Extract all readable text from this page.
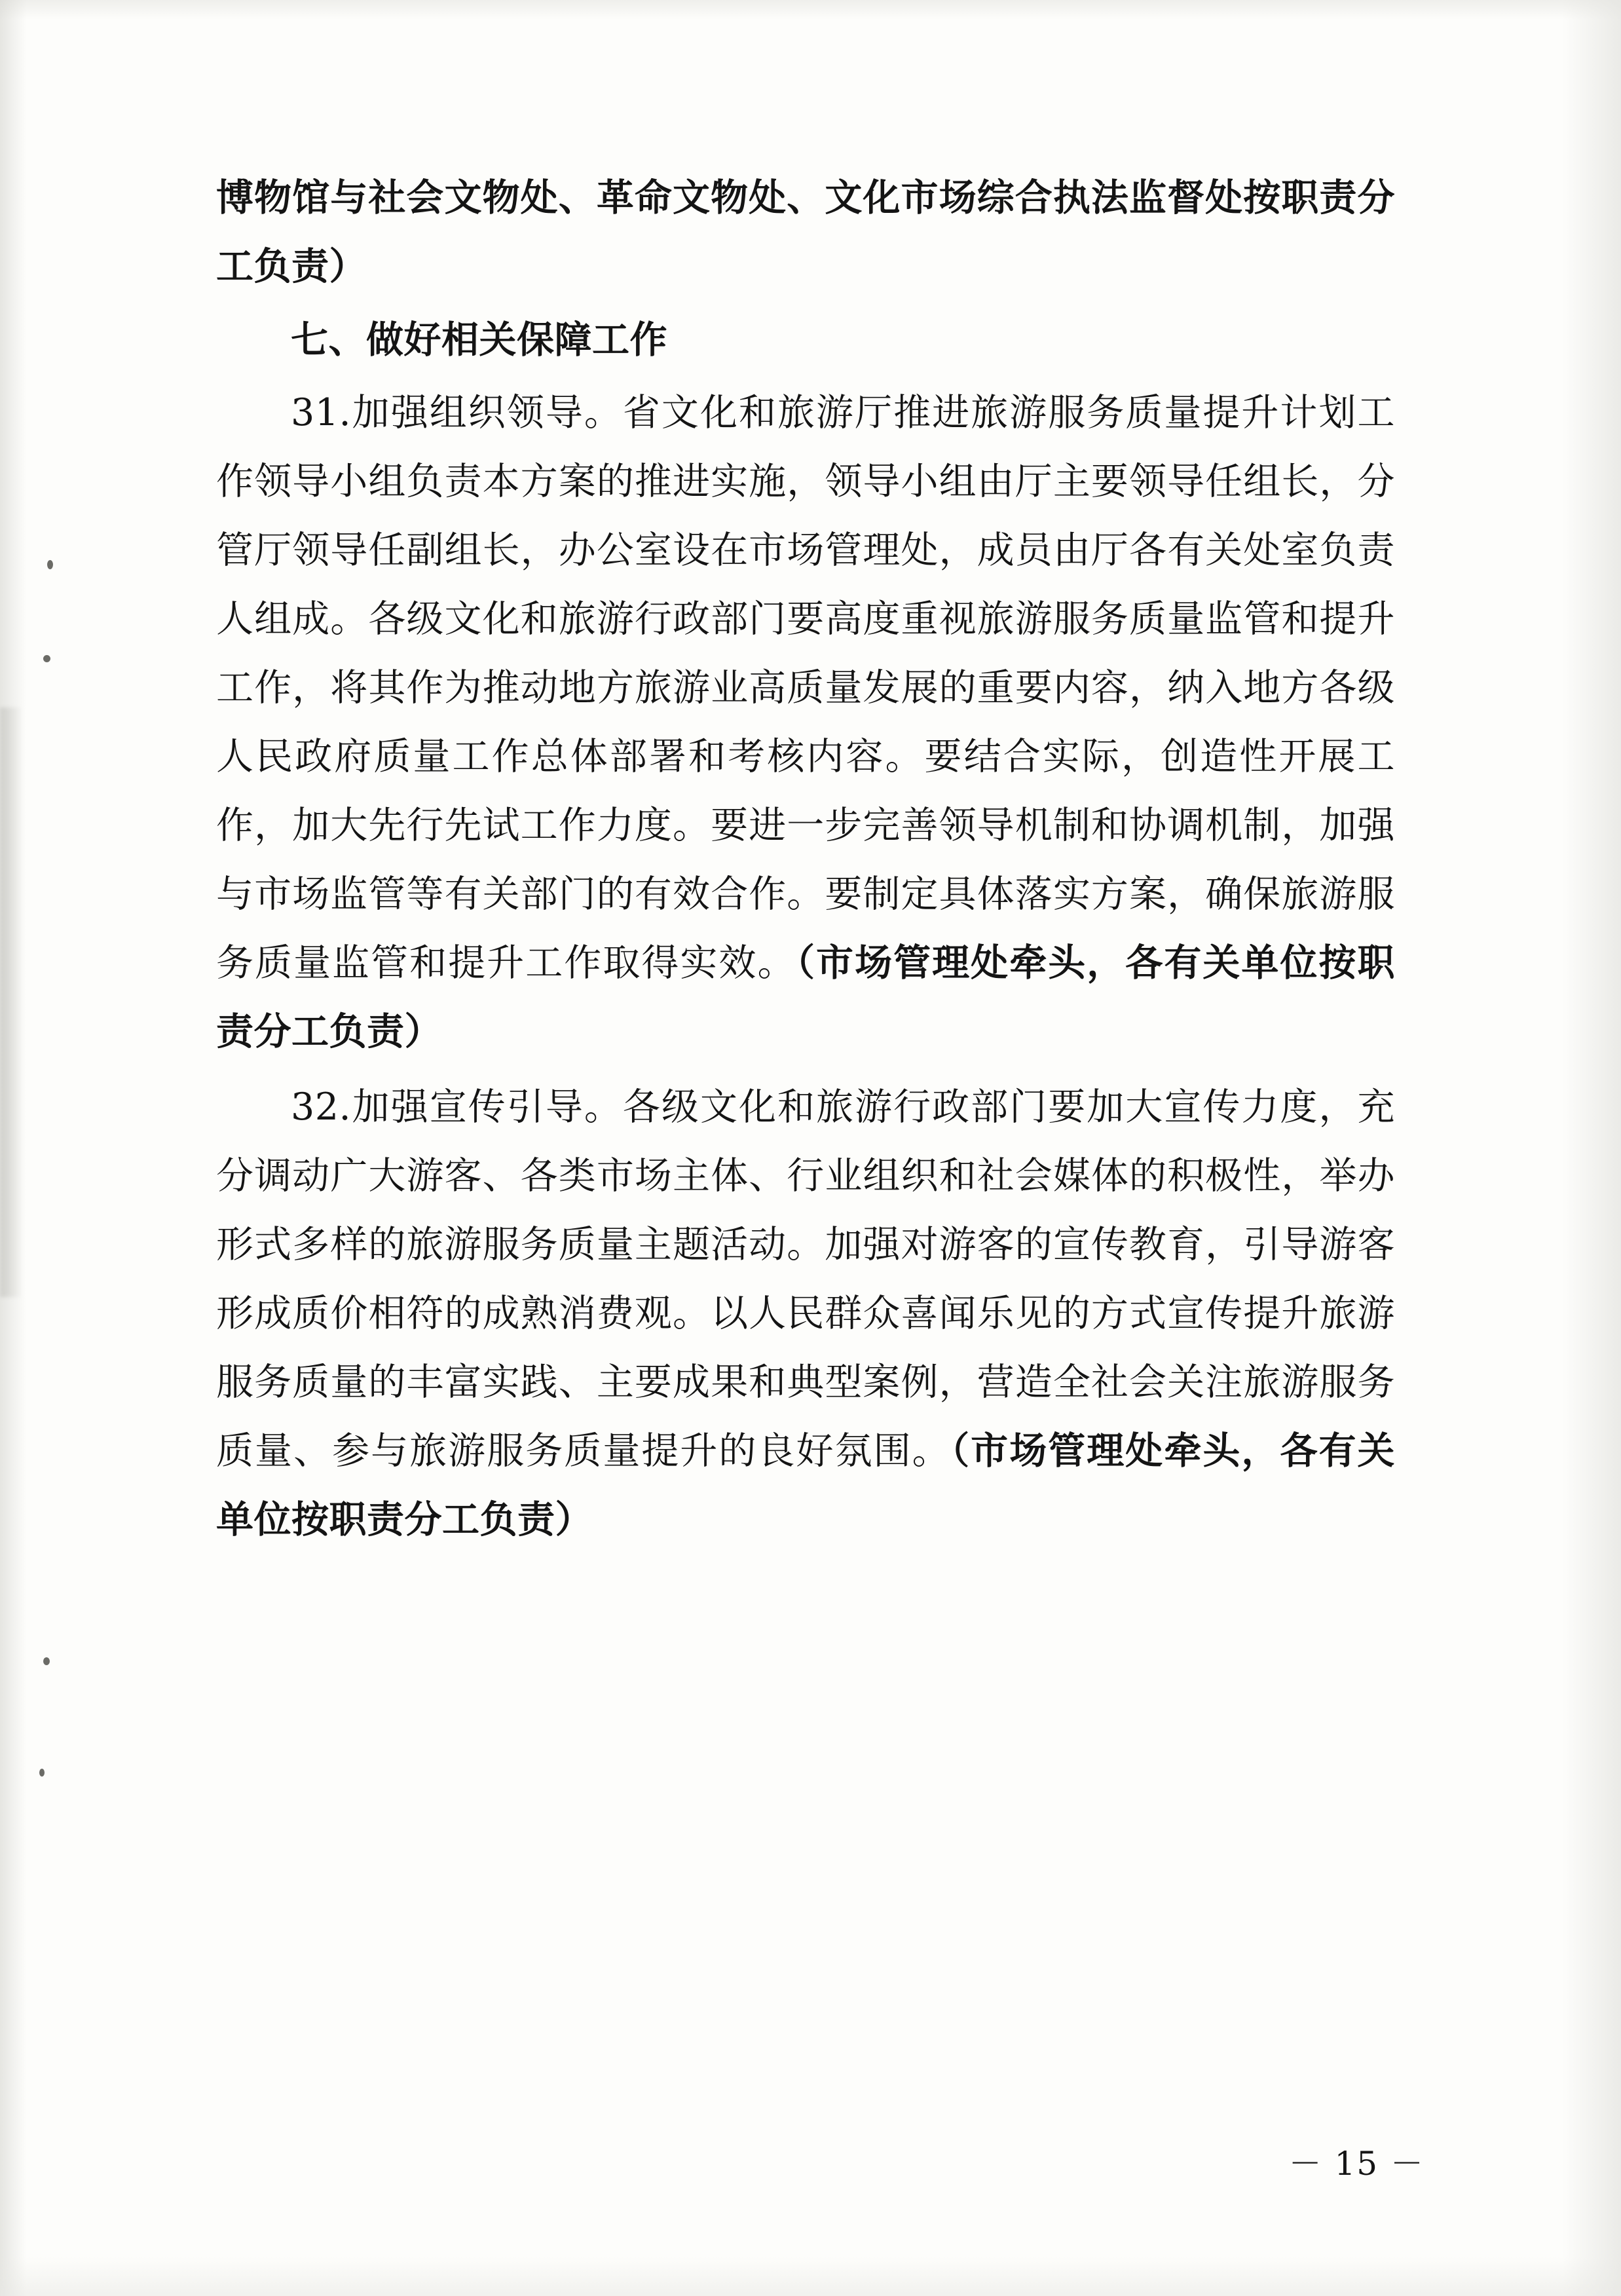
博物馆与社会文物处、革命文物处、文化市场综合执法监督处按职责分工负责）

七、做好相关保障工作

31.加强组织领导。省文化和旅游厅推进旅游服务质量提升计划工作领导小组负责本方案的推进实施，领导小组由厅主要领导任组长，分管厅领导任副组长，办公室设在市场管理处，成员由厅各有关处室负责人组成。各级文化和旅游行政部门要高度重视旅游服务质量监管和提升工作，将其作为推动地方旅游业高质量发展的重要内容，纳入地方各级人民政府质量工作总体部署和考核内容。要结合实际，创造性开展工作，加大先行先试工作力度。要进一步完善领导机制和协调机制，加强与市场监管等有关部门的有效合作。要制定具体落实方案，确保旅游服务质量监管和提升工作取得实效。（市场管理处牵头，各有关单位按职责分工负责）

32.加强宣传引导。各级文化和旅游行政部门要加大宣传力度，充分调动广大游客、各类市场主体、行业组织和社会媒体的积极性，举办形式多样的旅游服务质量主题活动。加强对游客的宣传教育，引导游客形成质价相符的成熟消费观。以人民群众喜闻乐见的方式宣传提升旅游服务质量的丰富实践、主要成果和典型案例，营造全社会关注旅游服务质量、参与旅游服务质量提升的良好氛围。（市场管理处牵头，各有关单位按职责分工负责）

－ 15 －
